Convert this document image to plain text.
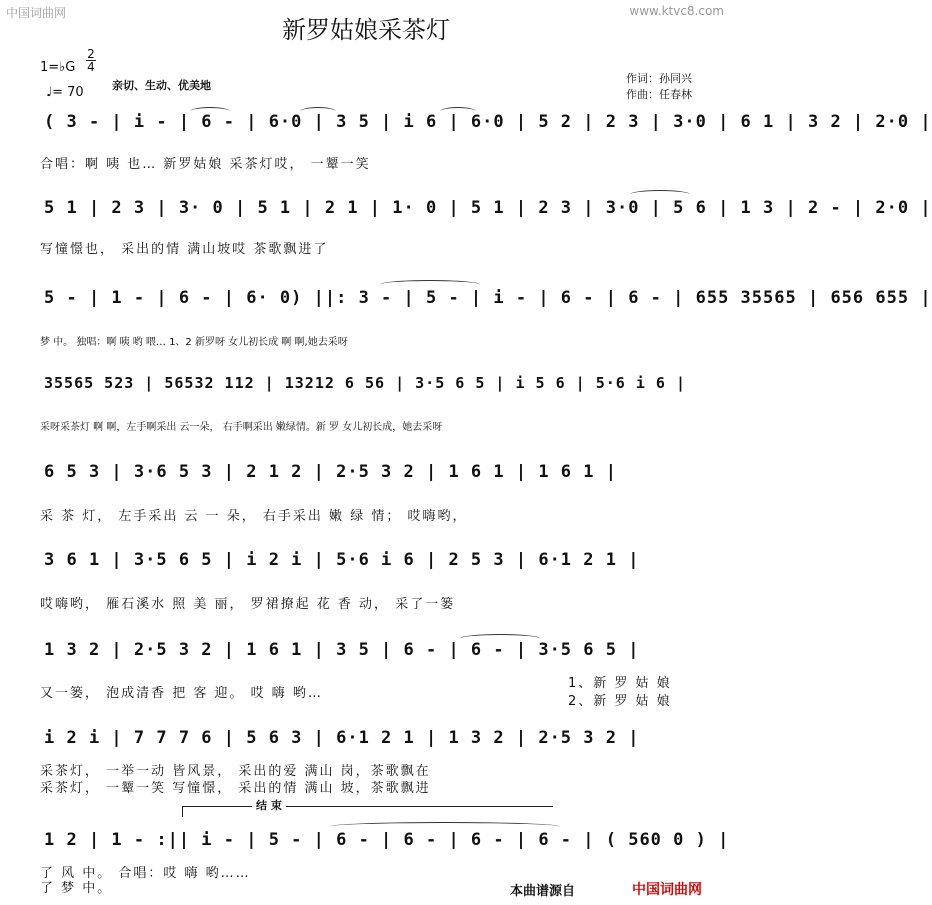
中国词曲网	www.ktvc8.com
新罗姑娘采茶灯
1=♭G
2
4
♩= 70	亲切、生动、优美地
作词：孙同兴
作曲：任春林
( 3 - | i - | 6 - | 6·0 | 3 5 | i 6 | 6·0 | 5 2 | 2 3 | 3·0 | 6 1 | 3 2 | 2·0 |
合唱：啊 咦 也… 新罗姑娘 采茶灯哎， 一颦一笑
5 1 | 2 3 | 3· 0 | 5 1 | 2 1 | 1· 0 | 5 1 | 2 3 | 3·0 | 5 6 | 1 3 | 2 - | 2·0 |
写憧憬也， 采出的情 满山坡哎 茶歌飘进了
5 - | 1 - | 6 - | 6· 0) ||: 3 - | 5 - | i - | 6 - | 6 - | 655 35565 | 656 655 |
梦 中。 独唱：啊 咦 哟 喂… 1、2 新罗呀 女儿初长成 啊 啊,她去采呀
35565 523 | 56532 112 | 13212 6 56 | 3·5 6 5 | i 5 6 | 5·6 i 6 |
采呀采茶灯 啊 啊，左手啊采出 云一朵， 右手啊采出 嫩绿情。新 罗 女儿初长成，她去采呀
6 5 3 | 3·6 5 3 | 2 1 2 | 2·5 3 2 | 1 6 1 | 1 6 1 |
采 茶 灯， 左手采出 云 一 朵， 右手采出 嫩 绿 情； 哎嗨哟，
3 6 1 | 3·5 6 5 | i 2 i | 5·6 i 6 | 2 5 3 | 6·1 2 1 |
哎嗨哟， 雁石溪水 照 美 丽， 罗裙撩起 花 香 动， 采了一篓
1 3 2 | 2·5 3 2 | 1 6 1 | 3 5 | 6 - | 6 - | 3·5 6 5 |
又一篓， 泡成清香 把 客 迎。 哎 嗨 哟…
1、新 罗 姑 娘
2、新 罗 姑 娘
i 2 i | 7 7 7 6 | 5 6 3 | 6·1 2 1 | 1 3 2 | 2·5 3 2 |
采茶灯， 一举一动 皆风景， 采出的爱 满山 岗，茶歌飘在
采茶灯， 一颦一笑 写憧憬， 采出的情 满山 坡，茶歌飘进
结 束
1 2 | 1 - :|| i - | 5 - | 6 - | 6 - | 6 - | 6 - | ( 560 0 ) |
了 风 中。 合唱：哎 嗨 哟……
了 梦 中。	本曲谱源自	中国词曲网
